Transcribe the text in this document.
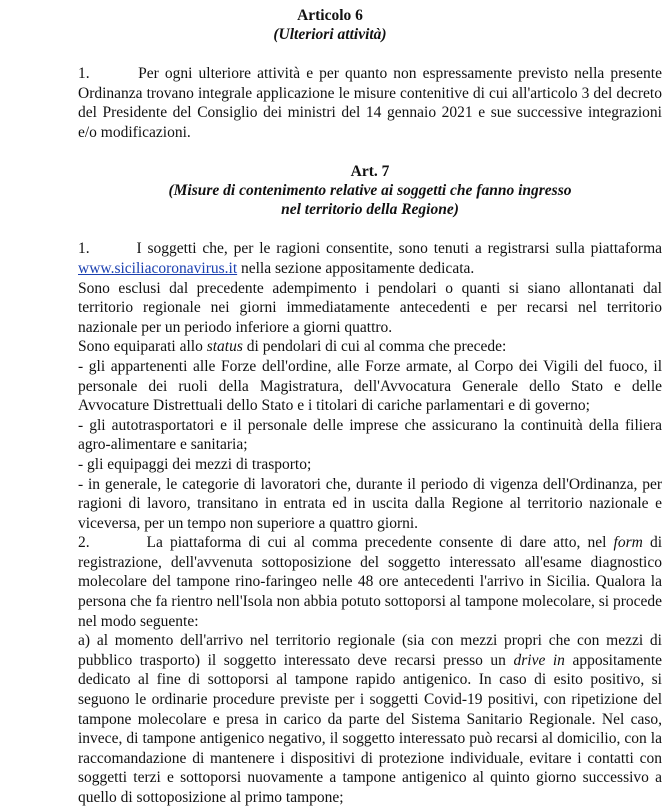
Articolo 6
(Ulteriori attività)

1.	Per ogni ulteriore attività e per quanto non espressamente previsto nella presente Ordinanza trovano integrale applicazione le misure contenitive di cui all'articolo 3 del decreto del Presidente del Consiglio dei ministri del 14 gennaio 2021 e sue successive integrazioni e/o modificazioni.

Art. 7
(Misure di contenimento relative ai soggetti che fanno ingresso
nel territorio della Regione)

1.	I soggetti che, per le ragioni consentite, sono tenuti a registrarsi sulla piattaforma www.siciliacoronavirus.it nella sezione appositamente dedicata.

Sono esclusi dal precedente adempimento i pendolari o quanti si siano allontanati dal territorio regionale nei giorni immediatamente antecedenti e per recarsi nel territorio nazionale per un periodo inferiore a giorni quattro.

Sono equiparati allo status di pendolari di cui al comma che precede:

- gli appartenenti alle Forze dell'ordine, alle Forze armate, al Corpo dei Vigili del fuoco, il personale dei ruoli della Magistratura, dell'Avvocatura Generale dello Stato e delle Avvocature Distrettuali dello Stato e i titolari di cariche parlamentari e di governo;

- gli autotrasportatori e il personale delle imprese che assicurano la continuità della filiera agro-alimentare e sanitaria;

- gli equipaggi dei mezzi di trasporto;

- in generale, le categorie di lavoratori che, durante il periodo di vigenza dell'Ordinanza, per ragioni di lavoro, transitano in entrata ed in uscita dalla Regione al territorio nazionale e viceversa, per un tempo non superiore a quattro giorni.

2.	La piattaforma di cui al comma precedente consente di dare atto, nel form di registrazione, dell'avvenuta sottoposizione del soggetto interessato all'esame diagnostico molecolare del tampone rino-faringeo nelle 48 ore antecedenti l'arrivo in Sicilia. Qualora la persona che fa rientro nell'Isola non abbia potuto sottoporsi al tampone molecolare, si procede nel modo seguente:

a) al momento dell'arrivo nel territorio regionale (sia con mezzi propri che con mezzi di pubblico trasporto) il soggetto interessato deve recarsi presso un drive in appositamente dedicato al fine di sottoporsi al tampone rapido antigenico. In caso di esito positivo, si seguono le ordinarie procedure previste per i soggetti Covid-19 positivi, con ripetizione del tampone molecolare e presa in carico da parte del Sistema Sanitario Regionale. Nel caso, invece, di tampone antigenico negativo, il soggetto interessato può recarsi al domicilio, con la raccomandazione di mantenere i dispositivi di protezione individuale, evitare i contatti con soggetti terzi e sottoporsi nuovamente a tampone antigenico al quinto giorno successivo a quello di sottoposizione al primo tampone;
